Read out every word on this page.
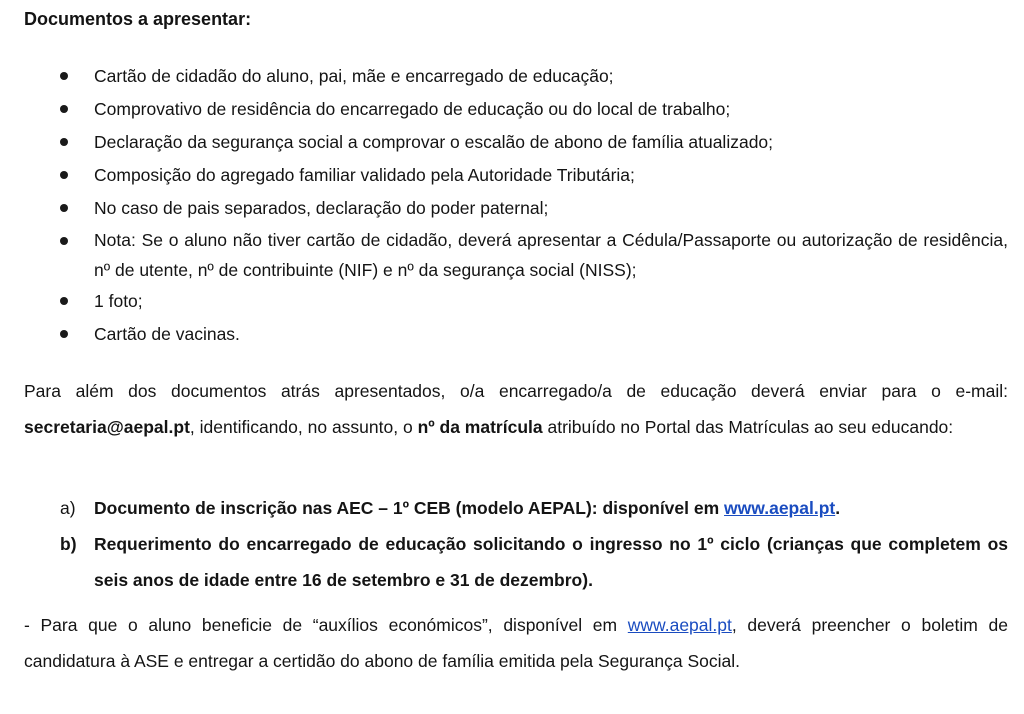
Documentos a apresentar:
Cartão de cidadão do aluno, pai, mãe e encarregado de educação;
Comprovativo de residência do encarregado de educação ou do local de trabalho;
Declaração da segurança social a comprovar o escalão de abono de família atualizado;
Composição do agregado familiar validado pela Autoridade Tributária;
No caso de pais separados, declaração do poder paternal;
Nota: Se o aluno não tiver cartão de cidadão, deverá apresentar a Cédula/Passaporte ou autorização de residência, nº de utente, nº de contribuinte (NIF) e nº da segurança social (NISS);
1 foto;
Cartão de vacinas.

Para além dos documentos atrás apresentados, o/a encarregado/a de educação deverá enviar para o e-mail: secretaria@aepal.pt, identificando, no assunto, o nº da matrícula atribuído no Portal das Matrículas ao seu educando:

a) Documento de inscrição nas AEC – 1º CEB (modelo AEPAL): disponível em www.aepal.pt.
b) Requerimento do encarregado de educação solicitando o ingresso no 1º ciclo (crianças que completem os seis anos de idade entre 16 de setembro e 31 de dezembro).

- Para que o aluno beneficie de “auxílios económicos”, disponível em www.aepal.pt, deverá preencher o boletim de candidatura à ASE e entregar a certidão do abono de família emitida pela Segurança Social.
